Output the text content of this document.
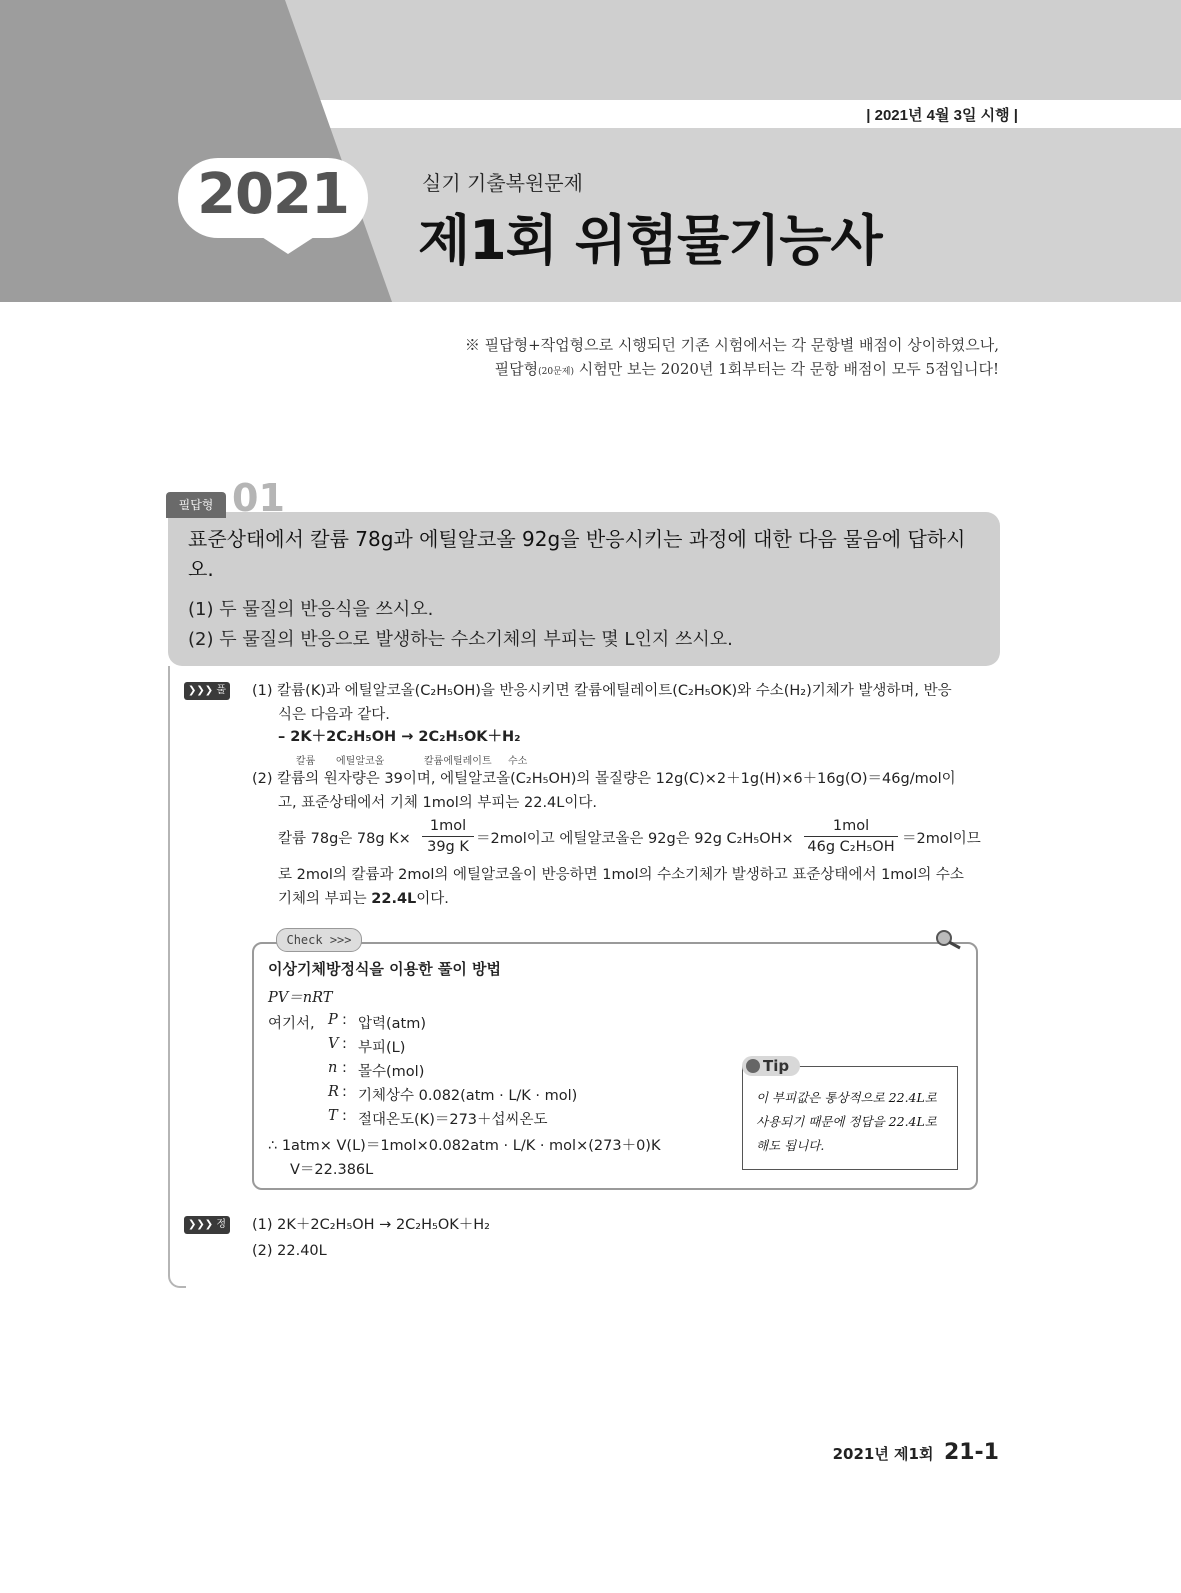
| 2021년 4월 3일 시행 |
2021	실기 기출복원문제
제1회 위험물기능사
※ 필답형+작업형으로 시행되던 기존 시험에서는 각 문항별 배점이 상이하였으나,
필답형(20문제) 시험만 보는 2020년 1회부터는 각 문항 배점이 모두 5점입니다!
필답형 01
표준상태에서 칼륨 78g과 에틸알코올 92g을 반응시키는 과정에 대한 다음 물음에 답하시오.
(1) 두 물질의 반응식을 쓰시오.
(2) 두 물질의 반응으로 발생하는 수소기체의 부피는 몇 L인지 쓰시오.
❯❯❯ 풀이
(1) 칼륨(K)과 에틸알코올(C₂H₅OH)을 반응시키면 칼륨에틸레이트(C₂H₅OK)와 수소(H₂)기체가 발생하며, 반응
식은 다음과 같다.
– 2K＋2C₂H₅OH → 2C₂H₅OK＋H₂
칼륨 에틸알코올	칼륨에틸레이트 수소
(2) 칼륨의 원자량은 39이며, 에틸알코올(C₂H₅OH)의 몰질량은 12g(C)×2＋1g(H)×6＋16g(O)＝46g/mol이
고, 표준상태에서 기체 1mol의 부피는 22.4L이다.
칼륨 78g은 78g K×
1mol
39g K ＝2mol이고 에틸알코올은 92g은 92g C₂H₅OH×
1mol
46g C₂H₅OH ＝2mol이므
로 2mol의 칼륨과 2mol의 에틸알코올이 반응하면 1mol의 수소기체가 발생하고 표준상태에서 1mol의 수소
기체의 부피는 22.4L이다.
Check >>>
이상기체방정식을 이용한 풀이 방법
PV＝nRT
여기서, P : 압력(atm)
V : 부피(L)
n : 몰수(mol)
R : 기체상수 0.082(atm · L/K · mol)
T : 절대온도(K)＝273＋섭씨온도
∴ 1atm× V(L)＝1mol×0.082atm · L/K · mol×(273＋0)K
V＝22.386L
Tip
이 부피값은 통상적으로 22.4L로 사용되기 때문에 정답을 22.4L로 해도 됩니다.
❯❯❯ 정답
(1) 2K＋2C₂H₅OH → 2C₂H₅OK＋H₂
(2) 22.40L
2021년 제1회 21-1
